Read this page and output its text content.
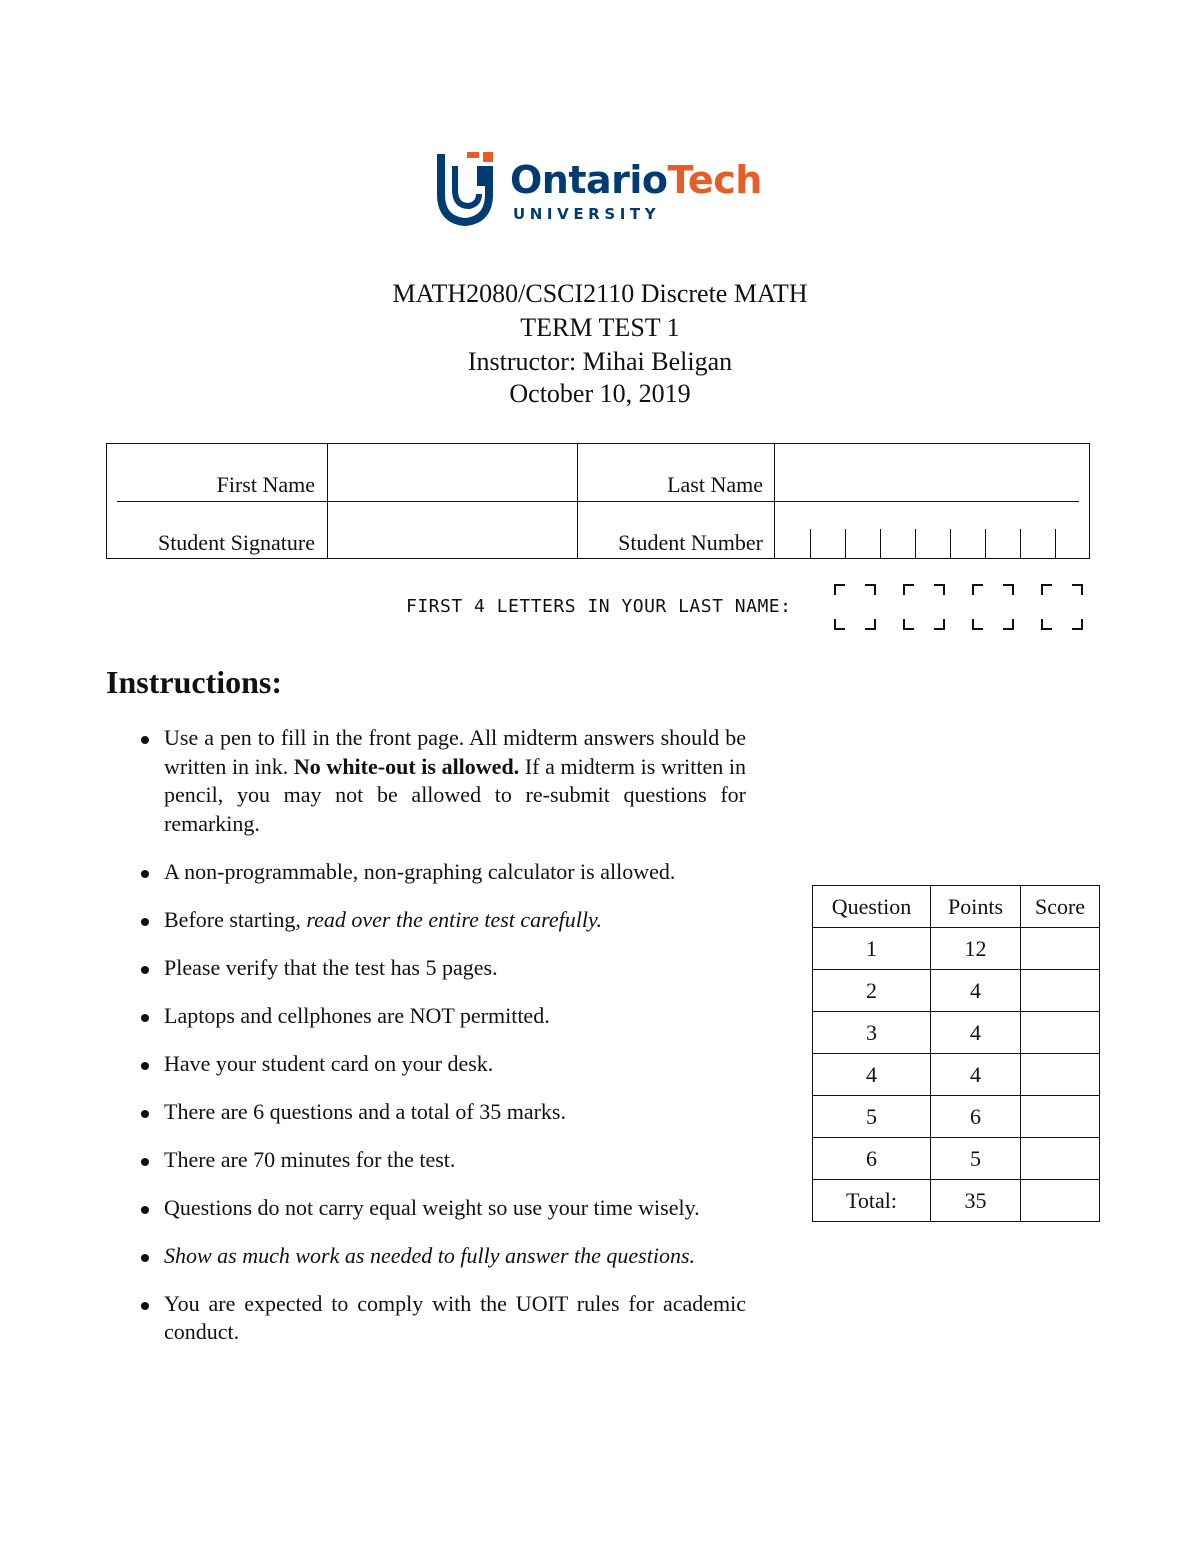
OntarioTech
UNIVERSITY
MATH2080/CSCI2110 Discrete MATH
TERM TEST 1
Instructor: Mihai Beligan
October 10, 2019
First Name	Last Name
Student Signature	Student Number
FIRST 4 LETTERS IN YOUR LAST NAME:
Instructions:
Use a pen to fill in the front page. All midterm answers should be written in ink. No white-out is allowed. If a midterm is written in pencil, you may not be allowed to re-submit questions for remarking.
A non-programmable, non-graphing calculator is allowed.
Before starting, read over the entire test carefully.
Please verify that the test has 5 pages.
Laptops and cellphones are NOT permitted.
Have your student card on your desk.
There are 6 questions and a total of 35 marks.
There are 70 minutes for the test.
Questions do not carry equal weight so use your time wisely.
Show as much work as needed to fully answer the questions.
You are expected to comply with the UOIT rules for academic conduct.
Question	Points	Score
1	12	
2	4	
3	4	
4	4	
5	6	
6	5	
Total:	35	
